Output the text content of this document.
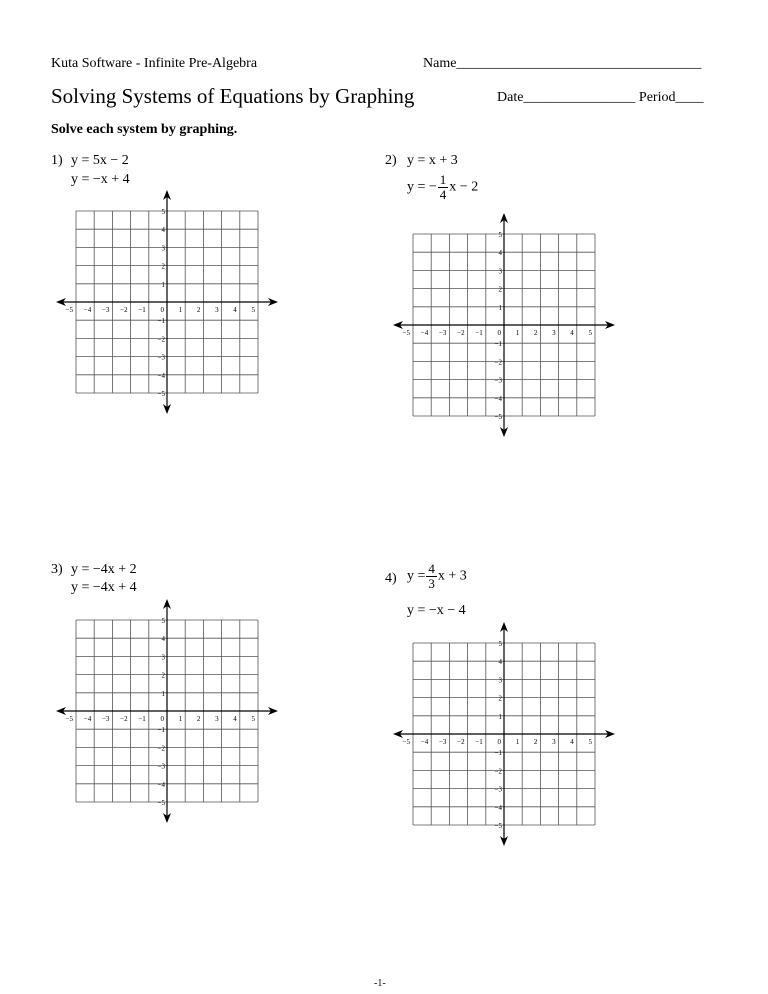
Kuta Software - Infinite Pre-Algebra	Name___________________________________
Solving Systems of Equations by Graphing	Date________________ Period____
Solve each system by graphing.
1) y = 5x − 2
y = −x + 4
2) y = x + 3
y = − $\frac{1}{4}$ x − 2
3) y = −4x + 2
y = −4x + 4
4) $y = \frac{4}{3}$ x + 3
y = −x − 4
−5 −4 −3 −2 −1 0 1 2 3 4 5
5
4
3
2
1
−1
−2
−3
−4
−5
−5 −4 −3 −2 −1 0 1 2 3 4 5
5
4
3
2
1
−1
−2
−3
−4
−5
−5 −4 −3 −2 −1 0 1 2 3 4 5
5
4
3
2
1
−1
−2
−3
−4
−5
−5 −4 −3 −2 −1 0 1 2 3 4 5
5
4
3
2
1
−1
−2
−3
−4
−5
-1-
